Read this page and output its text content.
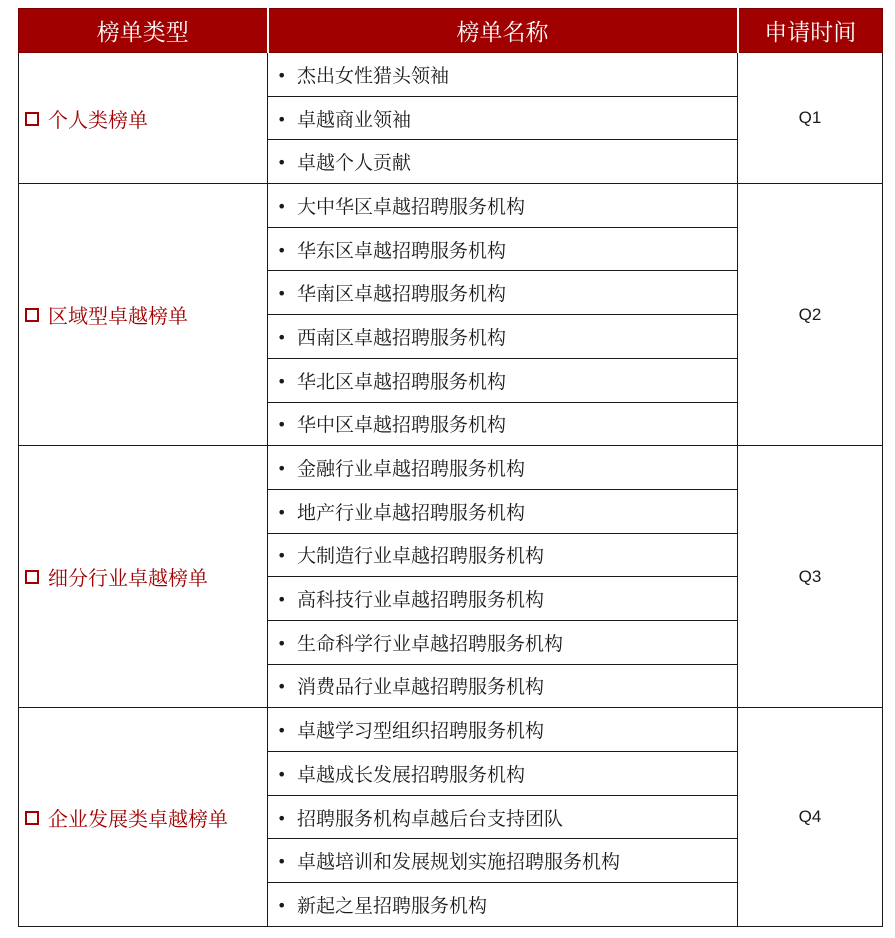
榜单类型	榜单名称	申请时间
个人类榜单	• 杰出女性猎头领袖	Q1
	• 卓越商业领袖	
	• 卓越个人贡献	
区域型卓越榜单	• 大中华区卓越招聘服务机构	Q2
	• 华东区卓越招聘服务机构	
	• 华南区卓越招聘服务机构	
	• 西南区卓越招聘服务机构	
	• 华北区卓越招聘服务机构	
	• 华中区卓越招聘服务机构	
细分行业卓越榜单	• 金融行业卓越招聘服务机构	Q3
	• 地产行业卓越招聘服务机构	
	• 大制造行业卓越招聘服务机构	
	• 高科技行业卓越招聘服务机构	
	• 生命科学行业卓越招聘服务机构	
	• 消费品行业卓越招聘服务机构	
企业发展类卓越榜单	• 卓越学习型组织招聘服务机构	Q4
	• 卓越成长发展招聘服务机构	
	• 招聘服务机构卓越后台支持团队	
	• 卓越培训和发展规划实施招聘服务机构	
	• 新起之星招聘服务机构	
